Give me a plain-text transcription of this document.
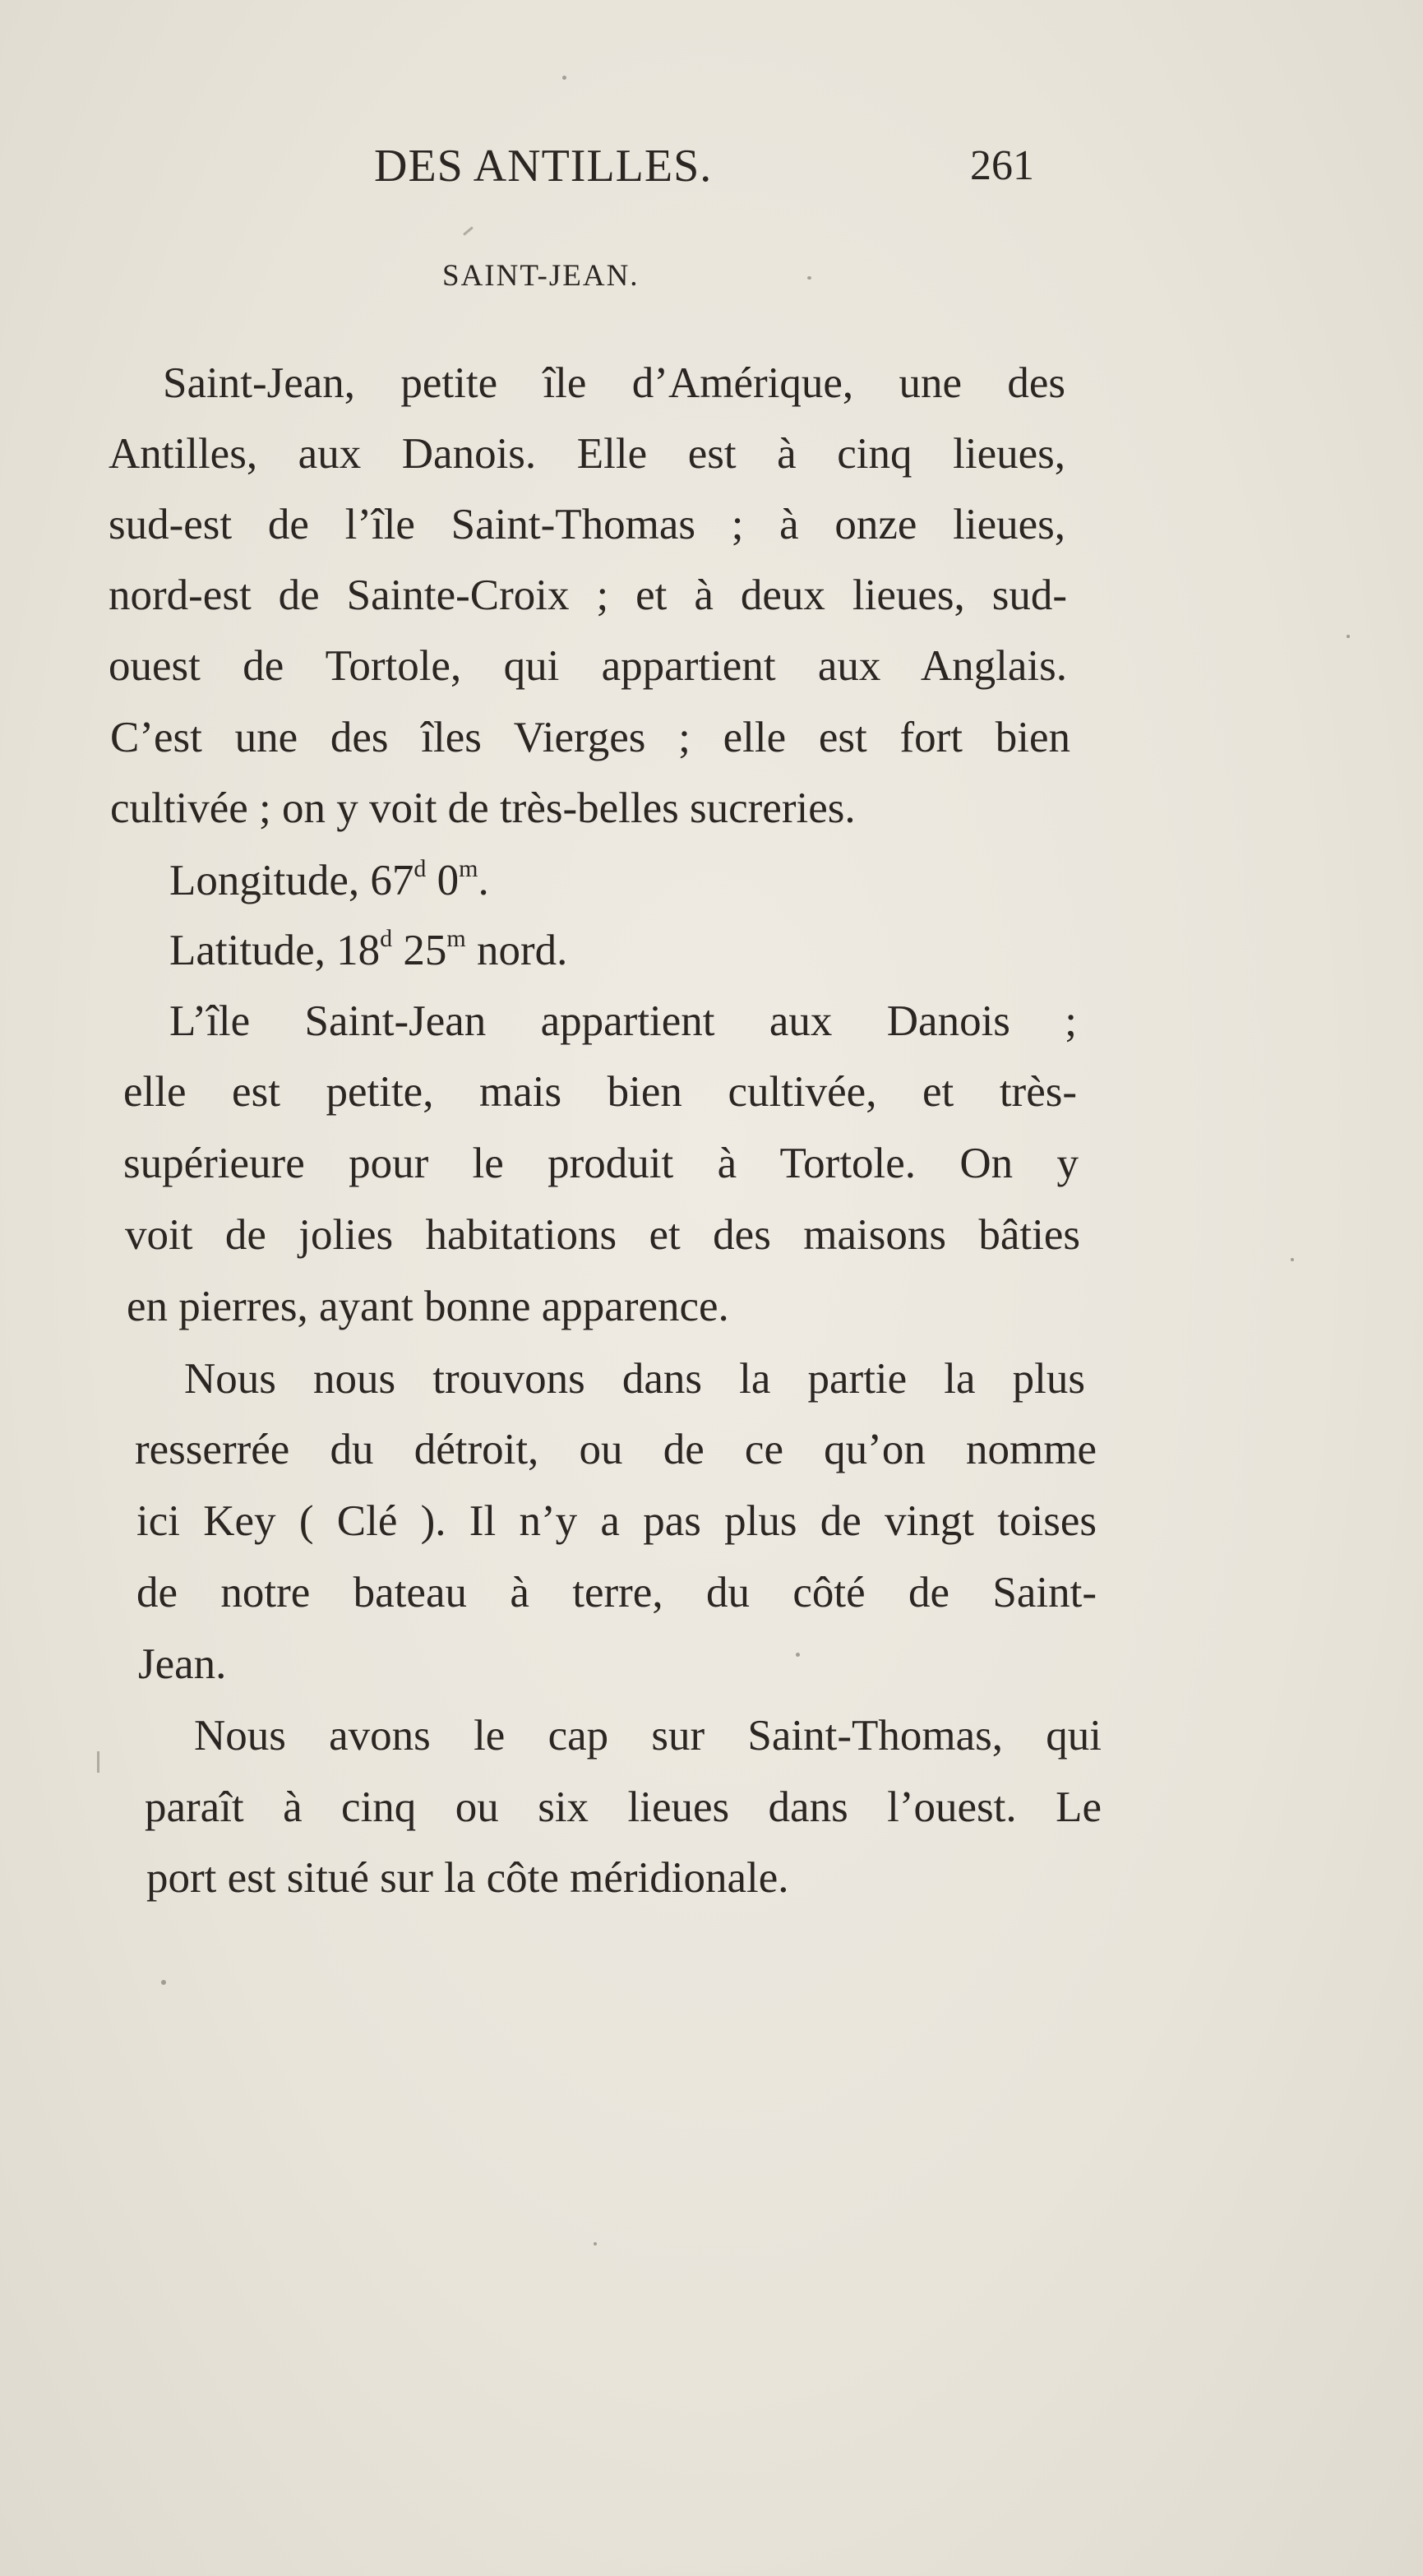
DES ANTILLES.	261
SAINT-JEAN.
Saint-Jean, petite île d’Amérique, une des
Antilles, aux Danois. Elle est à cinq lieues,
sud-est de l’île Saint-Thomas ; à onze lieues,
nord-est de Sainte-Croix ; et à deux lieues, sud-
ouest de Tortole, qui appartient aux Anglais.
C’est une des îles Vierges ; elle est fort bien
cultivée ; on y voit de très-belles sucreries.
Longitude, 67$^d$ 0$^m$.
Latitude, 18$^d$ 25$^m$ nord.
L’île Saint-Jean appartient aux Danois ;
elle est petite, mais bien cultivée, et très-
supérieure pour le produit à Tortole. On y
voit de jolies habitations et des maisons bâties
en pierres, ayant bonne apparence.
Nous nous trouvons dans la partie la plus
resserrée du détroit, ou de ce qu’on nomme
ici Key ( Clé ). Il n’y a pas plus de vingt toises
de notre bateau à terre, du côté de Saint-
Jean.
Nous avons le cap sur Saint-Thomas, qui
paraît à cinq ou six lieues dans l’ouest. Le
port est situé sur la côte méridionale.
